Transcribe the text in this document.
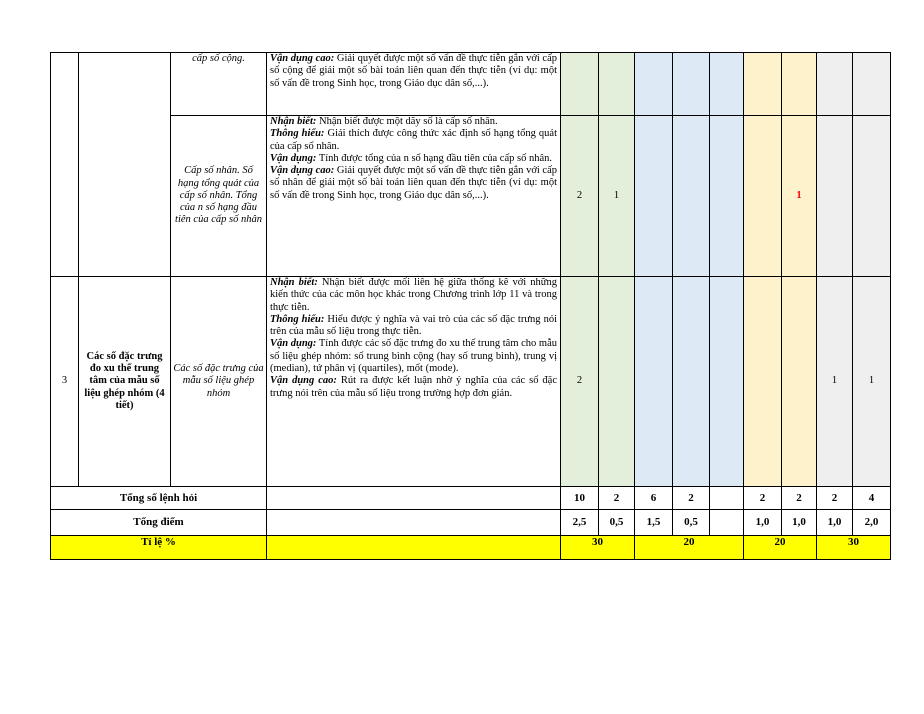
		cấp số cộng.	Vận dụng cao: Giải quyết được một số vấn đề thực tiễn gắn với cấp số cộng để giải một số bài toán liên quan đến thực tiễn (ví dụ: một số vấn đề trong Sinh học, trong Giáo dục dân số,...).									

		Cấp số nhân. Số hạng tổng quát của cấp số nhân. Tổng của n số hạng đầu tiên của cấp số nhân	Nhận biết: Nhận biết được một dãy số là cấp số nhân.

Thông hiểu: Giải thích được công thức xác định số hạng tổng quát của cấp số nhân.

Vận dụng: Tính được tổng của n số hạng đầu tiên của cấp số nhân.

Vận dụng cao: Giải quyết được một số vấn đề thực tiễn gắn với cấp số nhân để giải một số bài toán liên quan đến thực tiễn (ví dụ: một số vấn đề trong Sinh học, trong Giáo dục dân số,...).	2	1					1		
3	Các số đặc trưng đo xu thế trung tâm của mẫu số liệu ghép nhóm (4 tiết)	Các số đặc trưng của mẫu số liệu ghép nhóm	Nhận biết: Nhận biết được mối liên hệ giữa thống kê với những kiến thức của các môn học khác trong Chương trình lớp 11 và trong thực tiễn.

Thông hiểu: Hiểu được ý nghĩa và vai trò của các số đặc trưng nói trên của mẫu số liệu trong thực tiễn.

Vận dụng: Tính được các số đặc trưng đo xu thế trung tâm cho mẫu số liệu ghép nhóm: số trung bình cộng (hay số trung bình), trung vị (median), tứ phân vị (quartiles), mốt (mode).

Vận dụng cao: Rút ra được kết luận nhờ ý nghĩa của các số đặc trưng nói trên của mẫu số liệu trong trường hợp đơn giản.	2							1	1
Tổng số lệnh hỏi				10	2	6	2		2	2	2	4
Tổng điểm				2,5	0,5	1,5	0,5		1,0	1,0	1,0	2,0
Tỉ lệ %				30		20			20		30	
